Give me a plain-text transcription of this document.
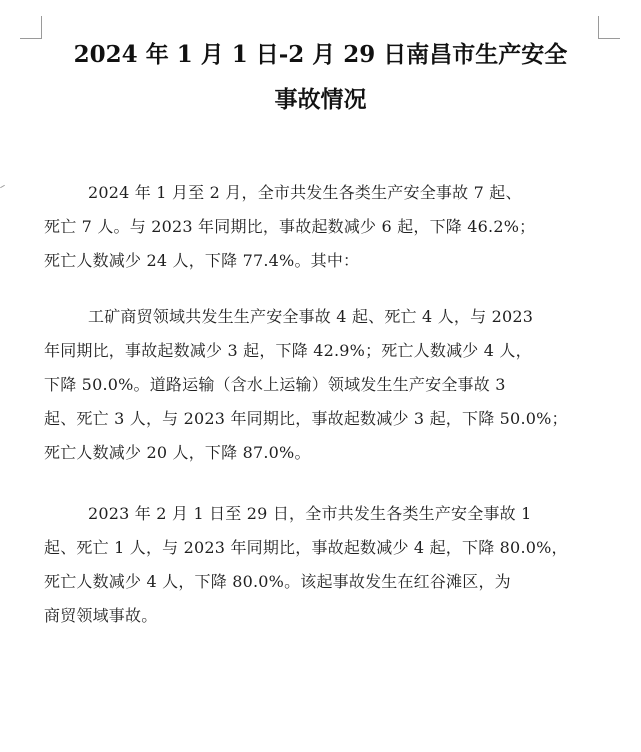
2024 年 1 月 1 日-2 月 29 日南昌市生产安全
事故情况
2024 年 1 月至 2 月，全市共发生各类生产安全事故 7 起、
死亡 7 人。与 2023 年同期比，事故起数减少 6 起，下降 46.2%；
死亡人数减少 24 人，下降 77.4%。其中：
工矿商贸领域共发生生产安全事故 4 起、死亡 4 人，与 2023
年同期比，事故起数减少 3 起，下降 42.9%；死亡人数减少 4 人，
下降 50.0%。道路运输（含水上运输）领域发生生产安全事故 3
起、死亡 3 人，与 2023 年同期比，事故起数减少 3 起，下降 50.0%；
死亡人数减少 20 人，下降 87.0%。
2023 年 2 月 1 日至 29 日，全市共发生各类生产安全事故 1
起、死亡 1 人，与 2023 年同期比，事故起数减少 4 起，下降 80.0%，
死亡人数减少 4 人，下降 80.0%。该起事故发生在红谷滩区，为
商贸领域事故。
